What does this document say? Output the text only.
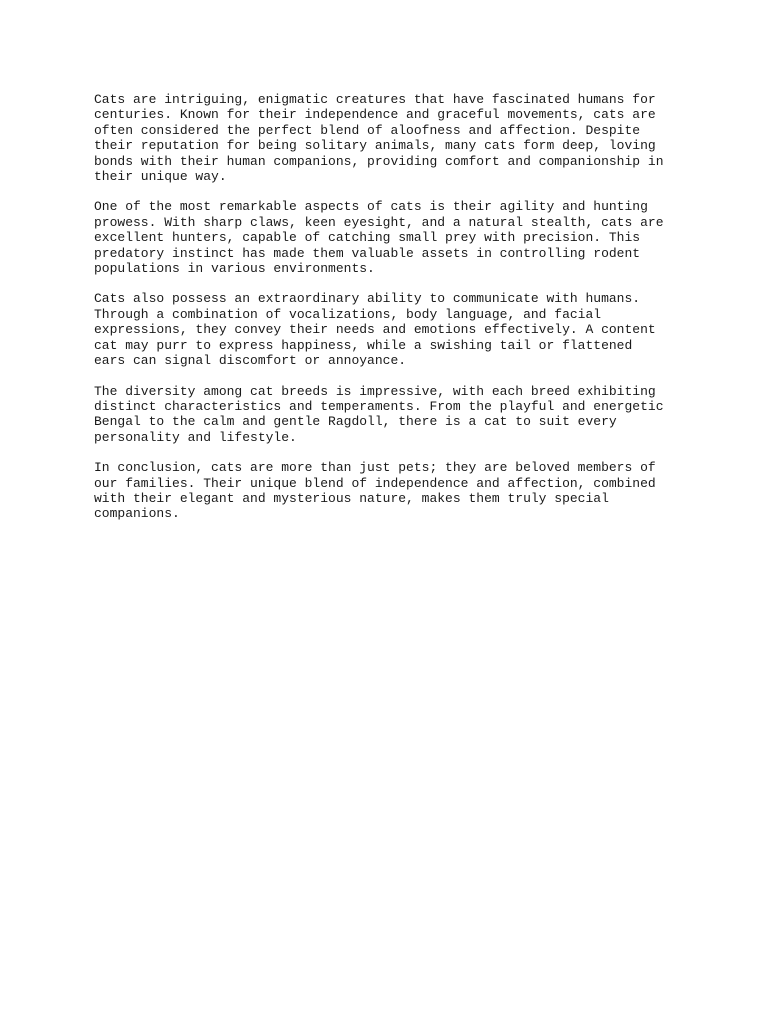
Cats are intriguing, enigmatic creatures that have fascinated humans for
centuries. Known for their independence and graceful movements, cats are
often considered the perfect blend of aloofness and affection. Despite
their reputation for being solitary animals, many cats form deep, loving
bonds with their human companions, providing comfort and companionship in
their unique way.

One of the most remarkable aspects of cats is their agility and hunting
prowess. With sharp claws, keen eyesight, and a natural stealth, cats are
excellent hunters, capable of catching small prey with precision. This
predatory instinct has made them valuable assets in controlling rodent
populations in various environments.

Cats also possess an extraordinary ability to communicate with humans.
Through a combination of vocalizations, body language, and facial
expressions, they convey their needs and emotions effectively. A content
cat may purr to express happiness, while a swishing tail or flattened
ears can signal discomfort or annoyance.

The diversity among cat breeds is impressive, with each breed exhibiting
distinct characteristics and temperaments. From the playful and energetic
Bengal to the calm and gentle Ragdoll, there is a cat to suit every
personality and lifestyle.

In conclusion, cats are more than just pets; they are beloved members of
our families. Their unique blend of independence and affection, combined
with their elegant and mysterious nature, makes them truly special
companions.
